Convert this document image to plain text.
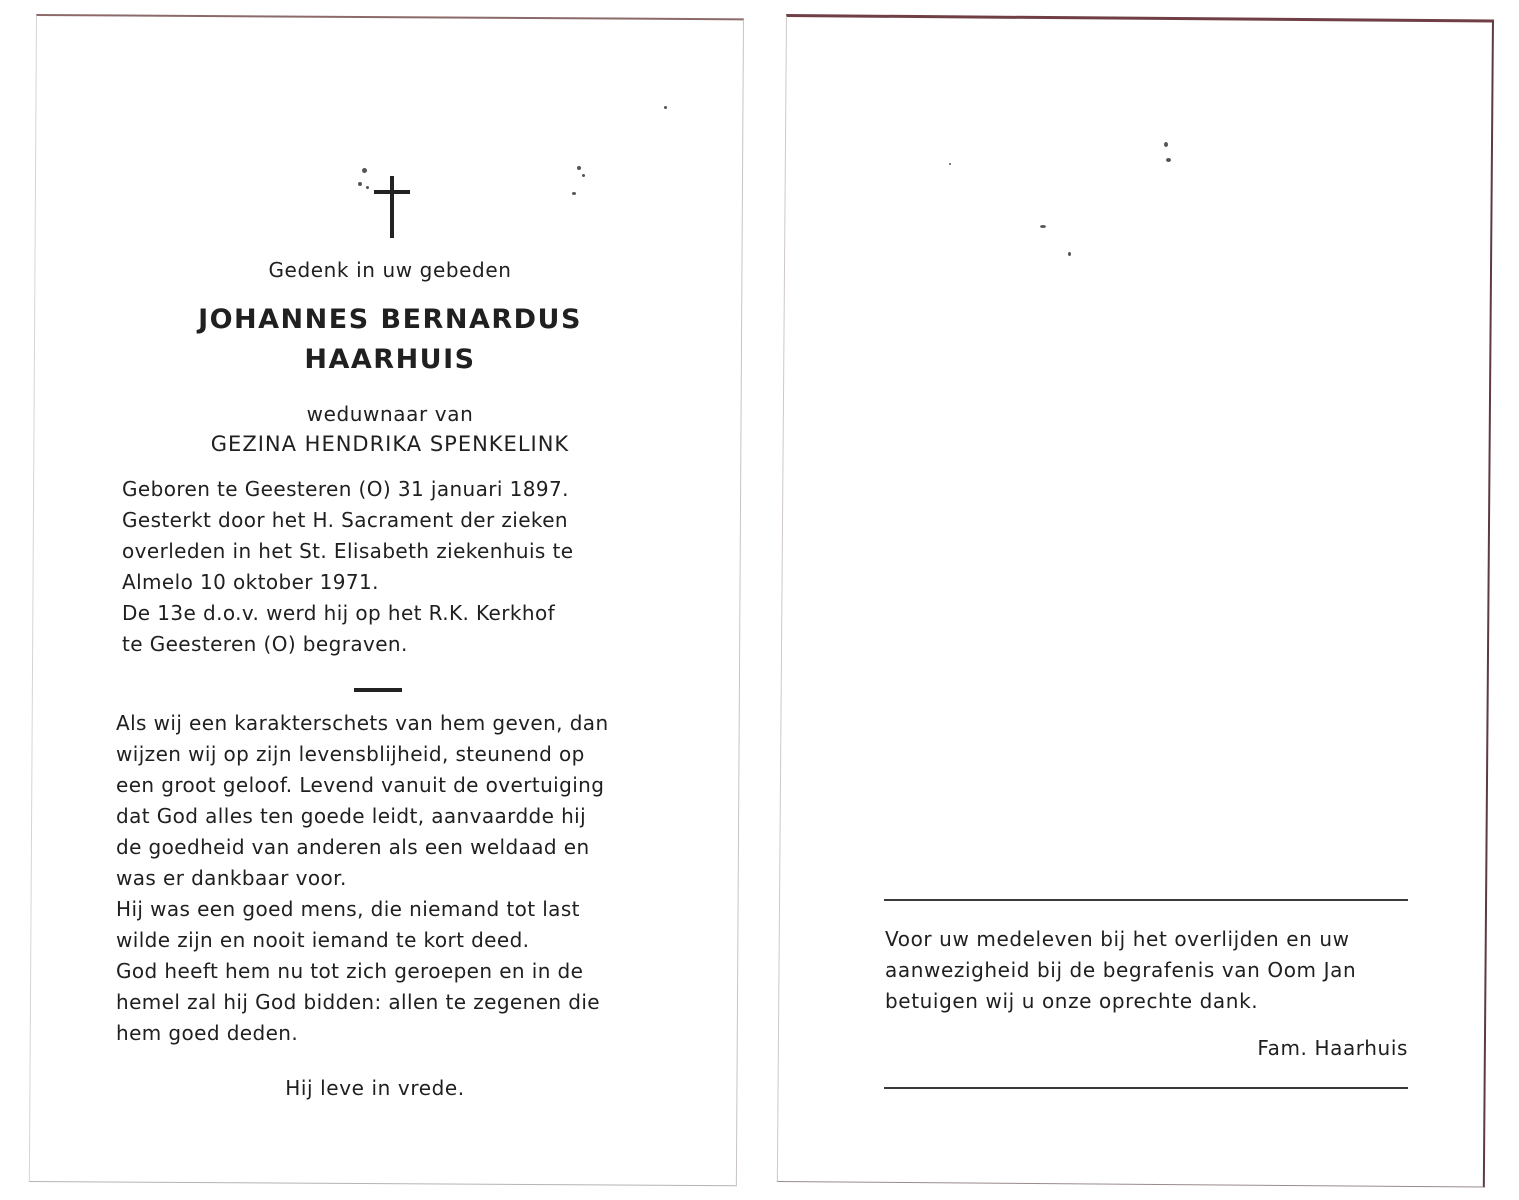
Gedenk in uw gebeden
JOHANNES BERNARDUS
HAARHUIS
weduwnaar van
GEZINA HENDRIKA SPENKELINK
Geboren te Geesteren (O) 31 januari 1897.
Gesterkt door het H. Sacrament der zieken
overleden in het St. Elisabeth ziekenhuis te
Almelo 10 oktober 1971.
De 13e d.o.v. werd hij op het R.K. Kerkhof
te Geesteren (O) begraven.
Als wij een karakterschets van hem geven, dan
wijzen wij op zijn levensblijheid, steunend op
een groot geloof. Levend vanuit de overtuiging
dat God alles ten goede leidt, aanvaardde hij
de goedheid van anderen als een weldaad en
was er dankbaar voor.
Hij was een goed mens, die niemand tot last
wilde zijn en nooit iemand te kort deed.
God heeft hem nu tot zich geroepen en in de
hemel zal hij God bidden: allen te zegenen die
hem goed deden.
Hij leve in vrede.
Voor uw medeleven bij het overlijden en uw
aanwezigheid bij de begrafenis van Oom Jan
betuigen wij u onze oprechte dank.
Fam. Haarhuis
